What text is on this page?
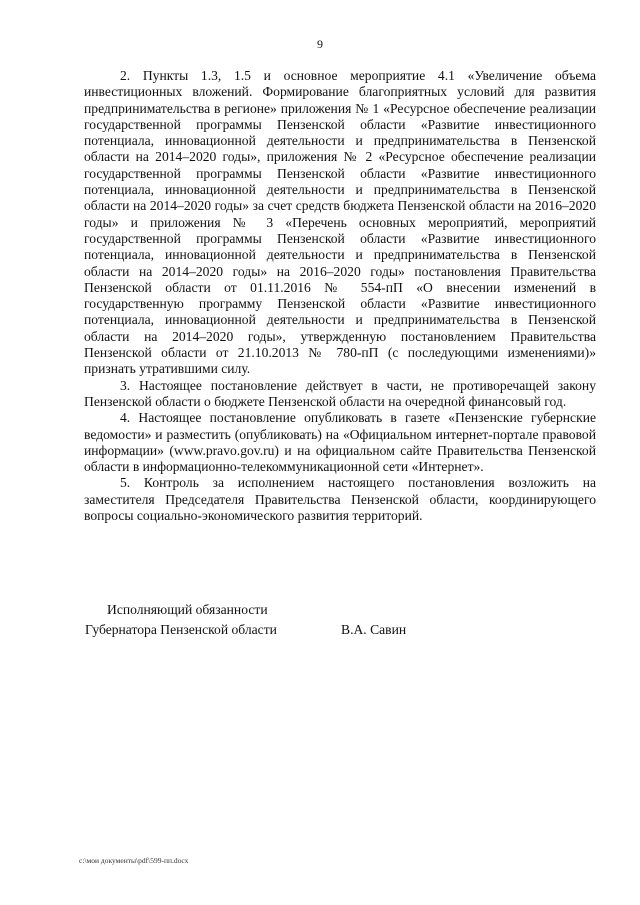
9

2. Пункты 1.3, 1.5 и основное мероприятие 4.1 «Увеличение объема инвестиционных вложений. Формирование благоприятных условий для развития предпринимательства в регионе» приложения № 1 «Ресурсное обеспечение реализации государственной программы Пензенской области «Развитие инвестиционного потенциала, инновационной деятельности и предпринимательства в Пензенской области на 2014–2020 годы», приложения № 2 «Ресурсное обеспечение реализации государственной программы Пензенской области «Развитие инвестиционного потенциала, инновационной деятельности и предпринимательства в Пензенской области на 2014–2020 годы» за счет средств бюджета Пензенской области на 2016–2020 годы» и приложения № 3 «Перечень основных мероприятий, мероприятий государственной программы Пензенской области «Развитие инвестиционного потенциала, инновационной деятельности и предпринимательства в Пензенской области на 2014–2020 годы» на 2016–2020 годы» постановления Правительства Пензенской области от 01.11.2016 № 554-пП «О внесении изменений в государственную программу Пензенской области «Развитие инвестиционного потенциала, инновационной деятельности и предпринимательства в Пензенской области на 2014–2020 годы», утвержденную постановлением Правительства Пензенской области от 21.10.2013 № 780-пП (с последующими изменениями)» признать утратившими силу.

3. Настоящее постановление действует в части, не противоречащей закону Пензенской области о бюджете Пензенской области на очередной финансовый год.

4. Настоящее постановление опубликовать в газете «Пензенские губернские ведомости» и разместить (опубликовать) на «Официальном интернет-портале правовой информации» (www.pravo.gov.ru) и на официальном сайте Правительства Пензенской области в информационно-телекоммуникационной сети «Интернет».

5. Контроль за исполнением настоящего постановления возложить на заместителя Председателя Правительства Пензенской области, координирующего вопросы социально-экономического развития территорий.

Исполняющий обязанности
Губернатора Пензенской области	В.А. Савин
c:\мои документы\pdf\599-пп.docx
